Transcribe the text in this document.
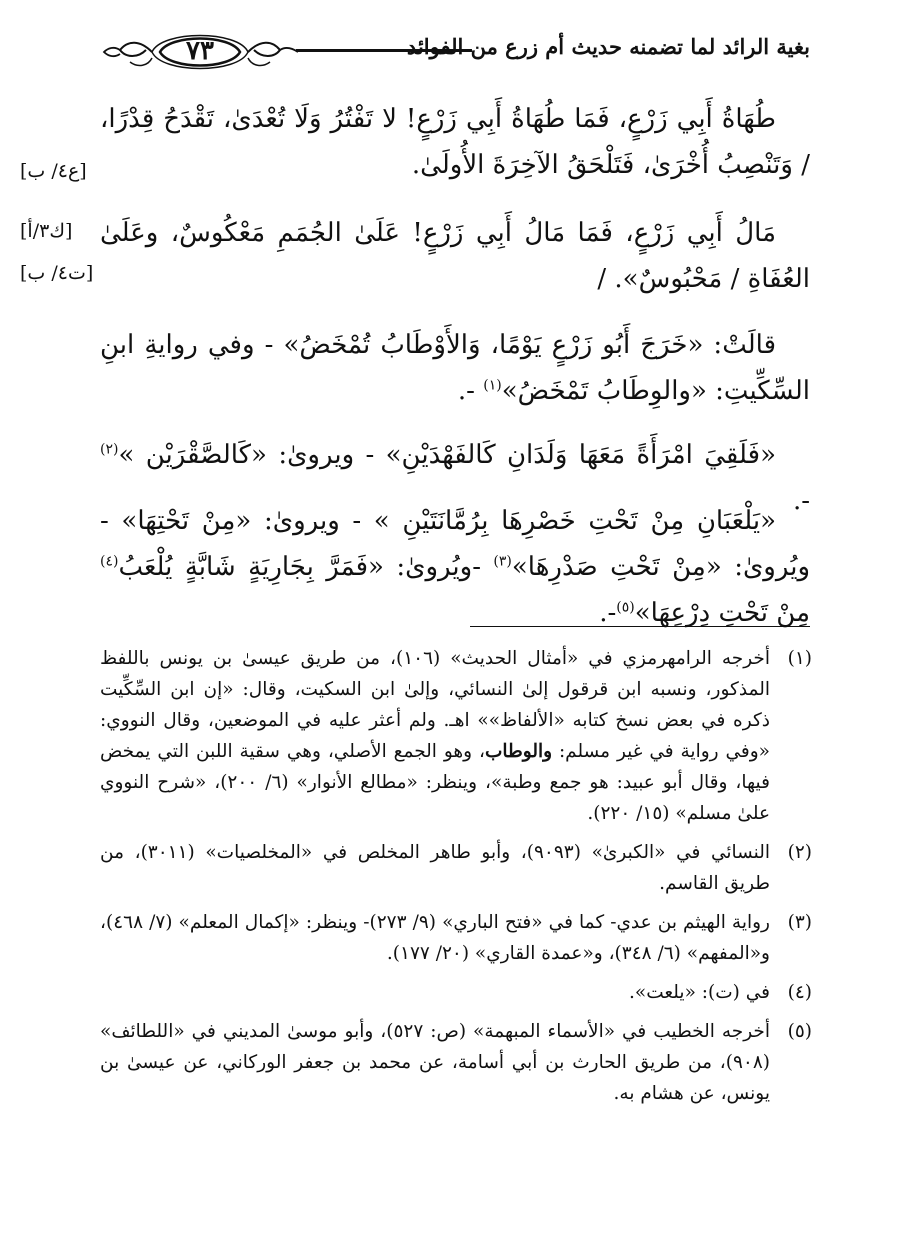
٧٣	بغية الرائد لما تضمنه حديث أم زرع من الفوائد

طُهَاةُ أَبِي زَرْعٍ، فَمَا طُهَاةُ أَبِي زَرْعٍ! لا تَفْتُرُ وَلَا تُعْدَىٰ، تَقْدَحُ قِدْرًا، / وَتَنْصِبُ أُخْرَىٰ، فَتَلْحَقُ الآخِرَةَ الأُولَىٰ.

[ع٤/ ب]

مَالُ أَبِي زَرْعٍ، فَمَا مَالُ أَبِي زَرْعٍ! عَلَىٰ الجُمَمِ مَعْكُوسٌ، وعَلَىٰ العُفَاةِ / مَحْبُوسٌ». /

[ك٣/أ]
[ت٤/ ب]

قالَتْ: «خَرَجَ أَبُو زَرْعٍ يَوْمًا، وَالأَوْطَابُ تُمْخَضُ» - وفي روايةِ ابنِ السِّكِّيتِ: «والوِطَابُ تَمْخَضُ»$^{(١)}$ -.

«فَلَقِيَ امْرَأَةً مَعَهَا وَلَدَانِ كَالفَهْدَيْنِ» - ويروىٰ: «كَالصَّقْرَيْن »$^{(٢)}$ -.

«يَلْعَبَانِ مِنْ تَحْتِ خَصْرِهَا بِرُمَّانَتَيْنِ » - ويروىٰ: «مِنْ تَحْتِهَا» - ويُروىٰ: «مِنْ تَحْتِ صَدْرِهَا»$^{(٣)}$ -ويُروىٰ: «فَمَرَّ بِجَارِيَةٍ شَابَّةٍ يُلْعَبُ$^{(٤)}$ مِنْ تَحْتِ دِرْعِهَا»$^{(٥)}$-.

(١)أخرجه الرامهرمزي في «أمثال الحديث» (١٠٦)، من طريق عيسىٰ بن يونس باللفظ المذكور، ونسبه ابن قرقول إلىٰ النسائي، وإلىٰ ابن السكيت، وقال: «إن ابن السِّكِّيت ذكره في بعض نسخ كتابه «الألفاظ»» اهـ. ولم أعثر عليه في الموضعين، وقال النووي: «وفي رواية في غير مسلم: والوطاب، وهو الجمع الأصلي، وهي سقية اللبن التي يمخض فيها، وقال أبو عبيد: هو جمع وطبة»، وينظر: «مطالع الأنوار» (٦/ ٢٠٠)، «شرح النووي علىٰ مسلم» (١٥/ ٢٢٠).

(٢)النسائي في «الكبرىٰ» (٩٠٩٣)، وأبو طاهر المخلص في «المخلصيات» (٣٠١١)، من طريق القاسم.

(٣)رواية الهيثم بن عدي- كما في «فتح الباري» (٩/ ٢٧٣)- وينظر: «إكمال المعلم» (٧/ ٤٦٨)، و«المفهم» (٦/ ٣٤٨)، و«عمدة القاري» (٢٠/ ١٧٧).

(٤)في (ت): «يلعت».

(٥)أخرجه الخطيب في «الأسماء المبهمة» (ص: ٥٢٧)، وأبو موسىٰ المديني في «اللطائف» (٩٠٨)، من طريق الحارث بن أبي أسامة، عن محمد بن جعفر الوركاني، عن عيسىٰ بن يونس، عن هشام به.
